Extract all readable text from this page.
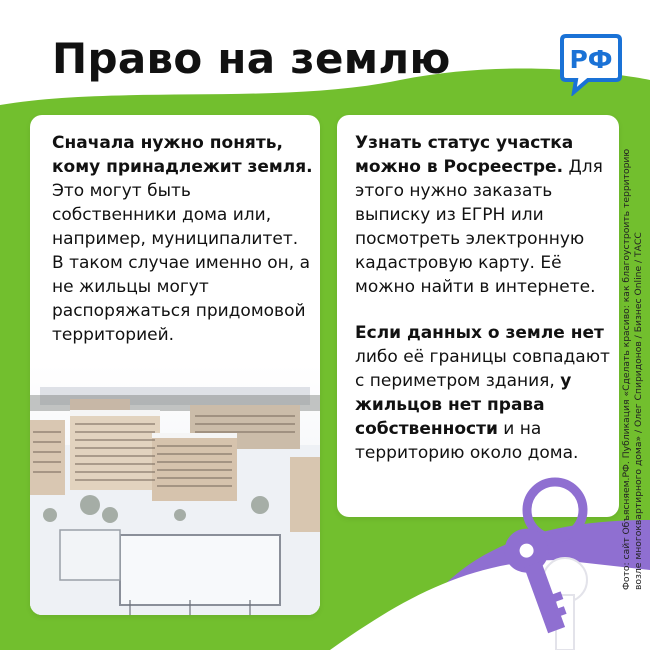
Право на землю	РФ
Сначала нужно понять, кому принадлежит земля. Это могут быть собственники дома или, например, муниципалитет. В таком случае именно он, а не жильцы могут распоряжаться придомовой территорией.
Узнать статус участка можно в Росреестре. Для этого нужно заказать выписку из ЕГРН или посмотреть электронную кадастровую карту. Её можно найти в интернете.
Если данных о земле нет либо её границы совпадают с периметром здания, у жильцов нет права собственности и на территорию около дома.	Фото: сайт Объясняем.РФ. Публикация «Сделать красиво: как благоустроить территорию возле многоквартирного дома» / Олег Спиридонов / Бизнес Online / ТАСС
